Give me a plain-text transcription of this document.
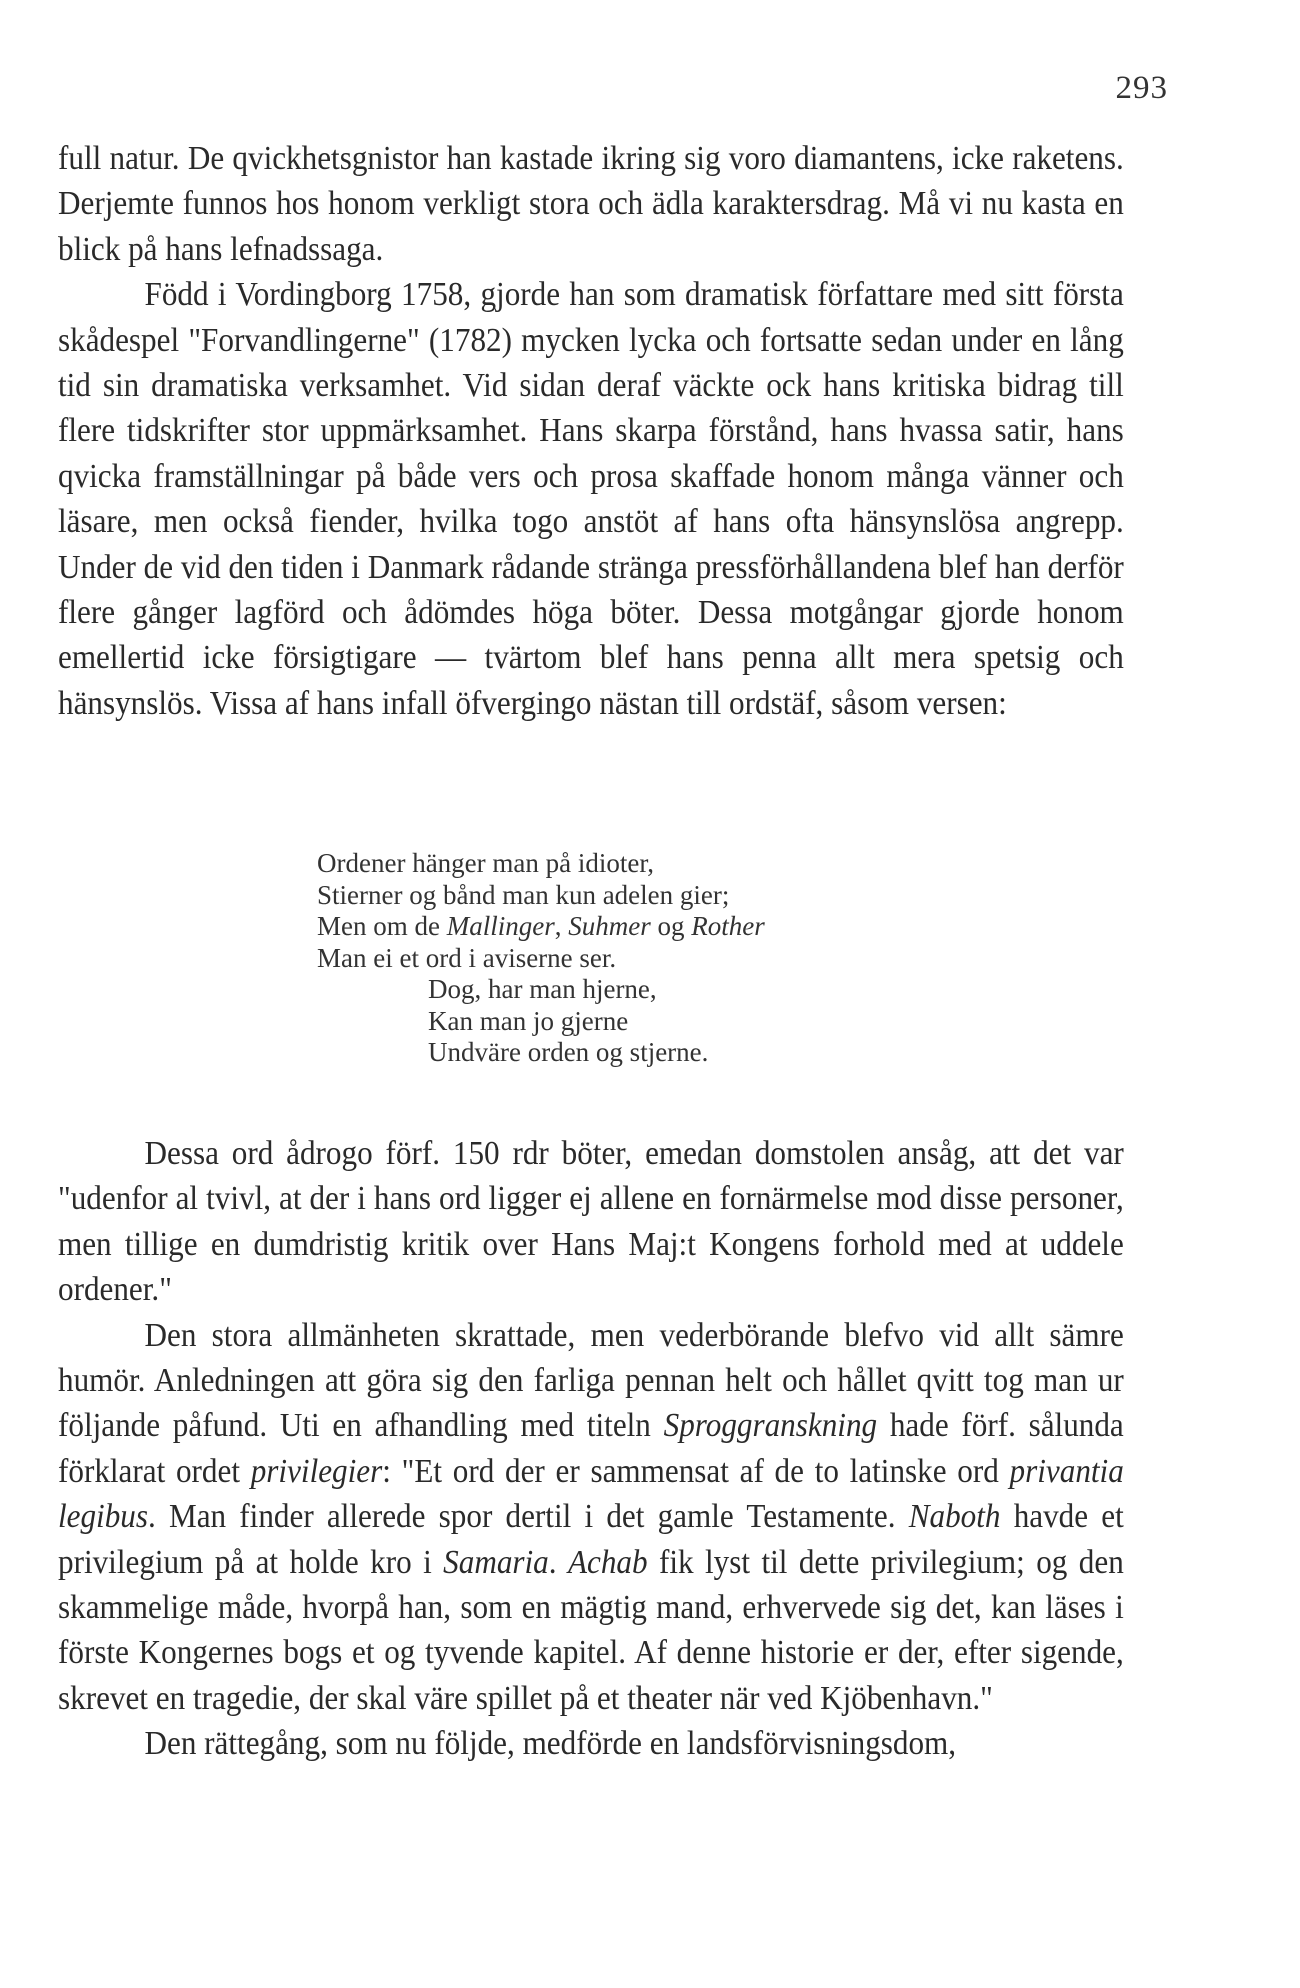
293

full natur. De qvickhetsgnistor han kastade ikring sig voro diamantens, icke raketens. Derjemte funnos hos honom verkligt stora och ädla karaktersdrag. Må vi nu kasta en blick på hans lefnadssaga.

Född i Vordingborg 1758, gjorde han som dramatisk författare med sitt första skådespel "Forvandlingerne" (1782) mycken lycka och fortsatte sedan under en lång tid sin dramatiska verksamhet. Vid sidan deraf väckte ock hans kritiska bidrag till flere tidskrifter stor uppmärksamhet. Hans skarpa förstånd, hans hvassa satir, hans qvicka framställningar på både vers och prosa skaffade honom många vänner och läsare, men också fiender, hvilka togo anstöt af hans ofta hänsynslösa angrepp. Under de vid den tiden i Danmark rådande stränga pressförhållandena blef han derför flere gånger lagförd och ådömdes höga böter. Dessa motgångar gjorde honom emellertid icke försigtigare — tvärtom blef hans penna allt mera spetsig och hänsynslös. Vissa af hans infall öfvergingo nästan till ordstäf, såsom versen:

Ordener hänger man på idioter,
Stierner og bånd man kun adelen gier;
Men om de Mallinger, Suhmer og Rother
Man ei et ord i aviserne ser.
Dog, har man hjerne,
Kan man jo gjerne
Undväre orden og stjerne.

Dessa ord ådrogo förf. 150 rdr böter, emedan domstolen ansåg, att det var "udenfor al tvivl, at der i hans ord ligger ej allene en fornärmelse mod disse personer, men tillige en dumdristig kritik over Hans Maj:t Kongens forhold med at uddele ordener."

Den stora allmänheten skrattade, men vederbörande blefvo vid allt sämre humör. Anledningen att göra sig den farliga pennan helt och hållet qvitt tog man ur följande påfund. Uti en afhandling med titeln Sproggranskning hade förf. sålunda förklarat ordet privilegier: "Et ord der er sammensat af de to latinske ord privantia legibus. Man finder allerede spor dertil i det gamle Testamente. Naboth havde et privilegium på at holde kro i Samaria. Achab fik lyst til dette privilegium; og den skammelige måde, hvorpå han, som en mägtig mand, erhvervede sig det, kan läses i förste Kongernes bogs et og tyvende kapitel. Af denne historie er der, efter sigende, skrevet en tragedie, der skal väre spillet på et theater när ved Kjöbenhavn."

Den rättegång, som nu följde, medförde en landsförvisningsdom,
